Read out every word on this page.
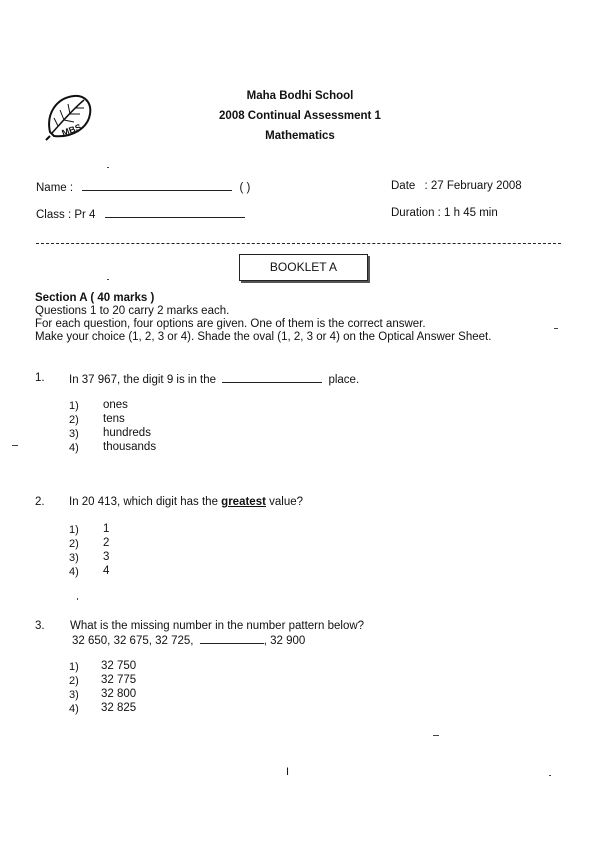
MBS
Maha Bodhi School
2008 Continual Assessment 1
Mathematics
Name :	( )	Date : 27 February 2008
Class : Pr 4	Duration : 1 h 45 min
BOOKLET A
Section A ( 40 marks )
Questions 1 to 20 carry 2 marks each.
For each question, four options are given. One of them is the correct answer.
Make your choice (1, 2, 3 or 4). Shade the oval (1, 2, 3 or 4) on the Optical Answer Sheet.
1. In 37 967, the digit 9 is in the	place.
1) ones
2) tens
3) hundreds
4) thousands
2. In 20 413, which digit has the greatest value?
1) 1
2) 2
3) 3
4) 4
3. What is the missing number in the number pattern below?
32 650, 32 675, 32 725,	, 32 900
1) 32 750
2) 32 775
3) 32 800
4) 32 825
I
